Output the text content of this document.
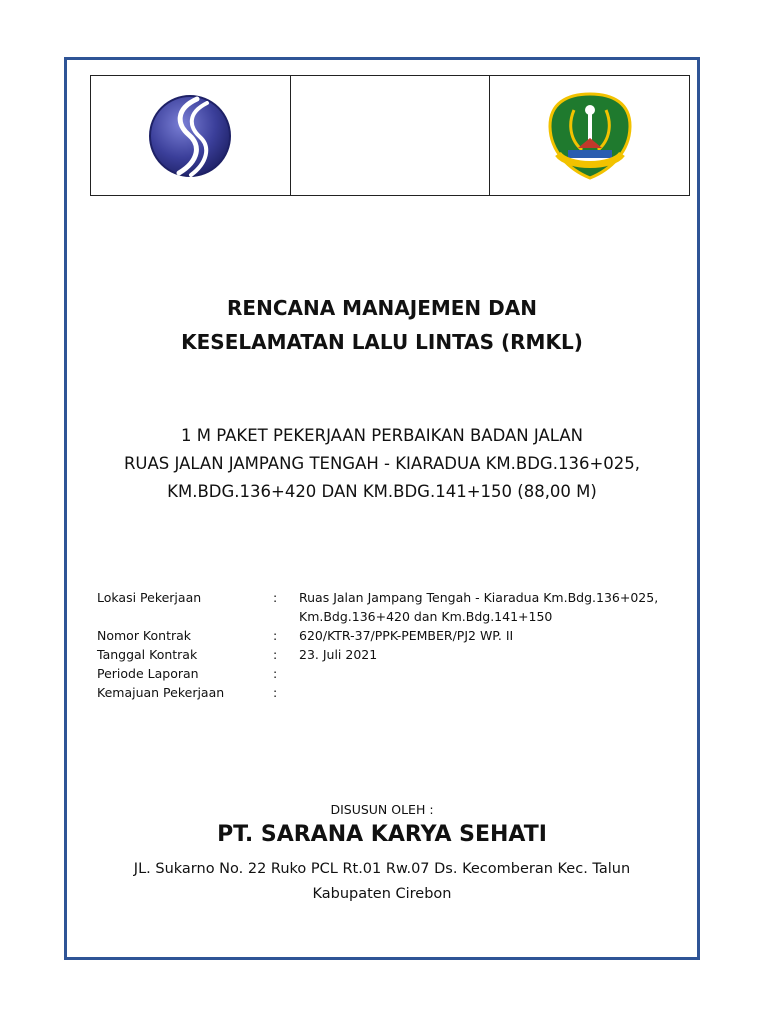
RENCANA MANAJEMEN DAN
KESELAMATAN LALU LINTAS (RMKL)
1 M PAKET PEKERJAAN PERBAIKAN BADAN JALAN
RUAS JALAN JAMPANG TENGAH - KIARADUA KM.BDG.136+025,
KM.BDG.136+420 DAN KM.BDG.141+150 (88,00 M)
Lokasi Pekerjaan	:	Ruas Jalan Jampang Tengah - Kiaradua Km.Bdg.136+025,
Km.Bdg.136+420 dan Km.Bdg.141+150
Nomor Kontrak	:	620/KTR-37/PPK-PEMBER/PJ2 WP. II
Tanggal Kontrak	:	23. Juli 2021
Periode Laporan	:
Kemajuan Pekerjaan	:
DISUSUN OLEH :
PT. SARANA KARYA SEHATI
JL. Sukarno No. 22 Ruko PCL Rt.01 Rw.07 Ds. Kecomberan Kec. Talun
Kabupaten Cirebon
